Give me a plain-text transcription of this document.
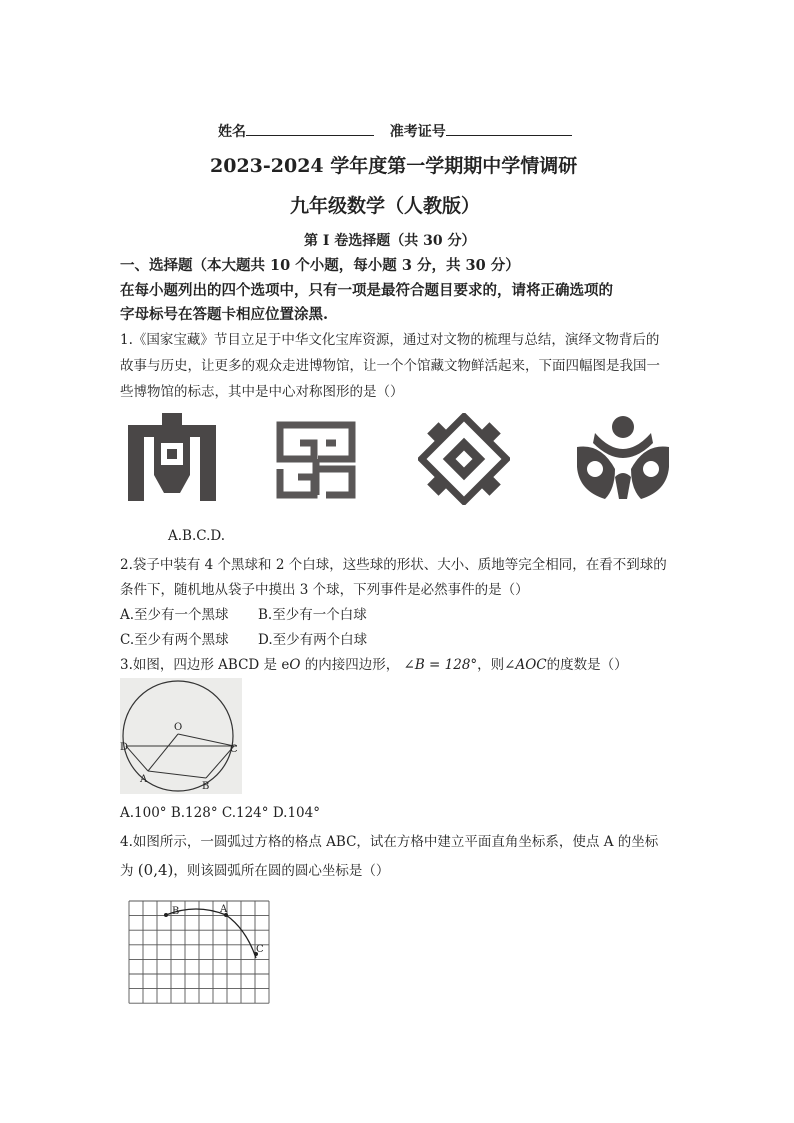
姓名	准考证号
2023-2024 学年度第一学期期中学情调研
九年级数学（人教版）
第 I 卷选择题（共 30 分）
一、选择题（本大题共 10 个小题，每小题 3 分，共 30 分）
在每小题列出的四个选项中，只有一项是最符合题目要求的，请将正确选项的
字母标号在答题卡相应位置涂黑.
1.《国家宝藏》节目立足于中华文化宝库资源，通过对文物的梳理与总结，演绎文物背后的
故事与历史，让更多的观众走进博物馆，让一个个馆藏文物鲜活起来，下面四幅图是我国一
些博物馆的标志，其中是中心对称图形的是（）
A.B.C.D.
2.袋子中装有 4 个黑球和 2 个白球，这些球的形状、大小、质地等完全相同，在看不到球的
条件下，随机地从袋子中摸出 3 个球，下列事件是必然事件的是（）
A.至少有一个黑球 B.至少有一个白球
C.至少有两个黑球 D.至少有两个白球
3.如图，四边形 ABCD 是 eO 的内接四边形， ∠B = 128°，则∠AOC的度数是（）
O
D	C
A
B
A.100° B.128° C.124° D.104°
4.如图所示，一圆弧过方格的格点 ABC，试在方格中建立平面直角坐标系，使点 A 的坐标
为 (0,4)，则该圆弧所在圆的圆心坐标是（）
B	A
C
